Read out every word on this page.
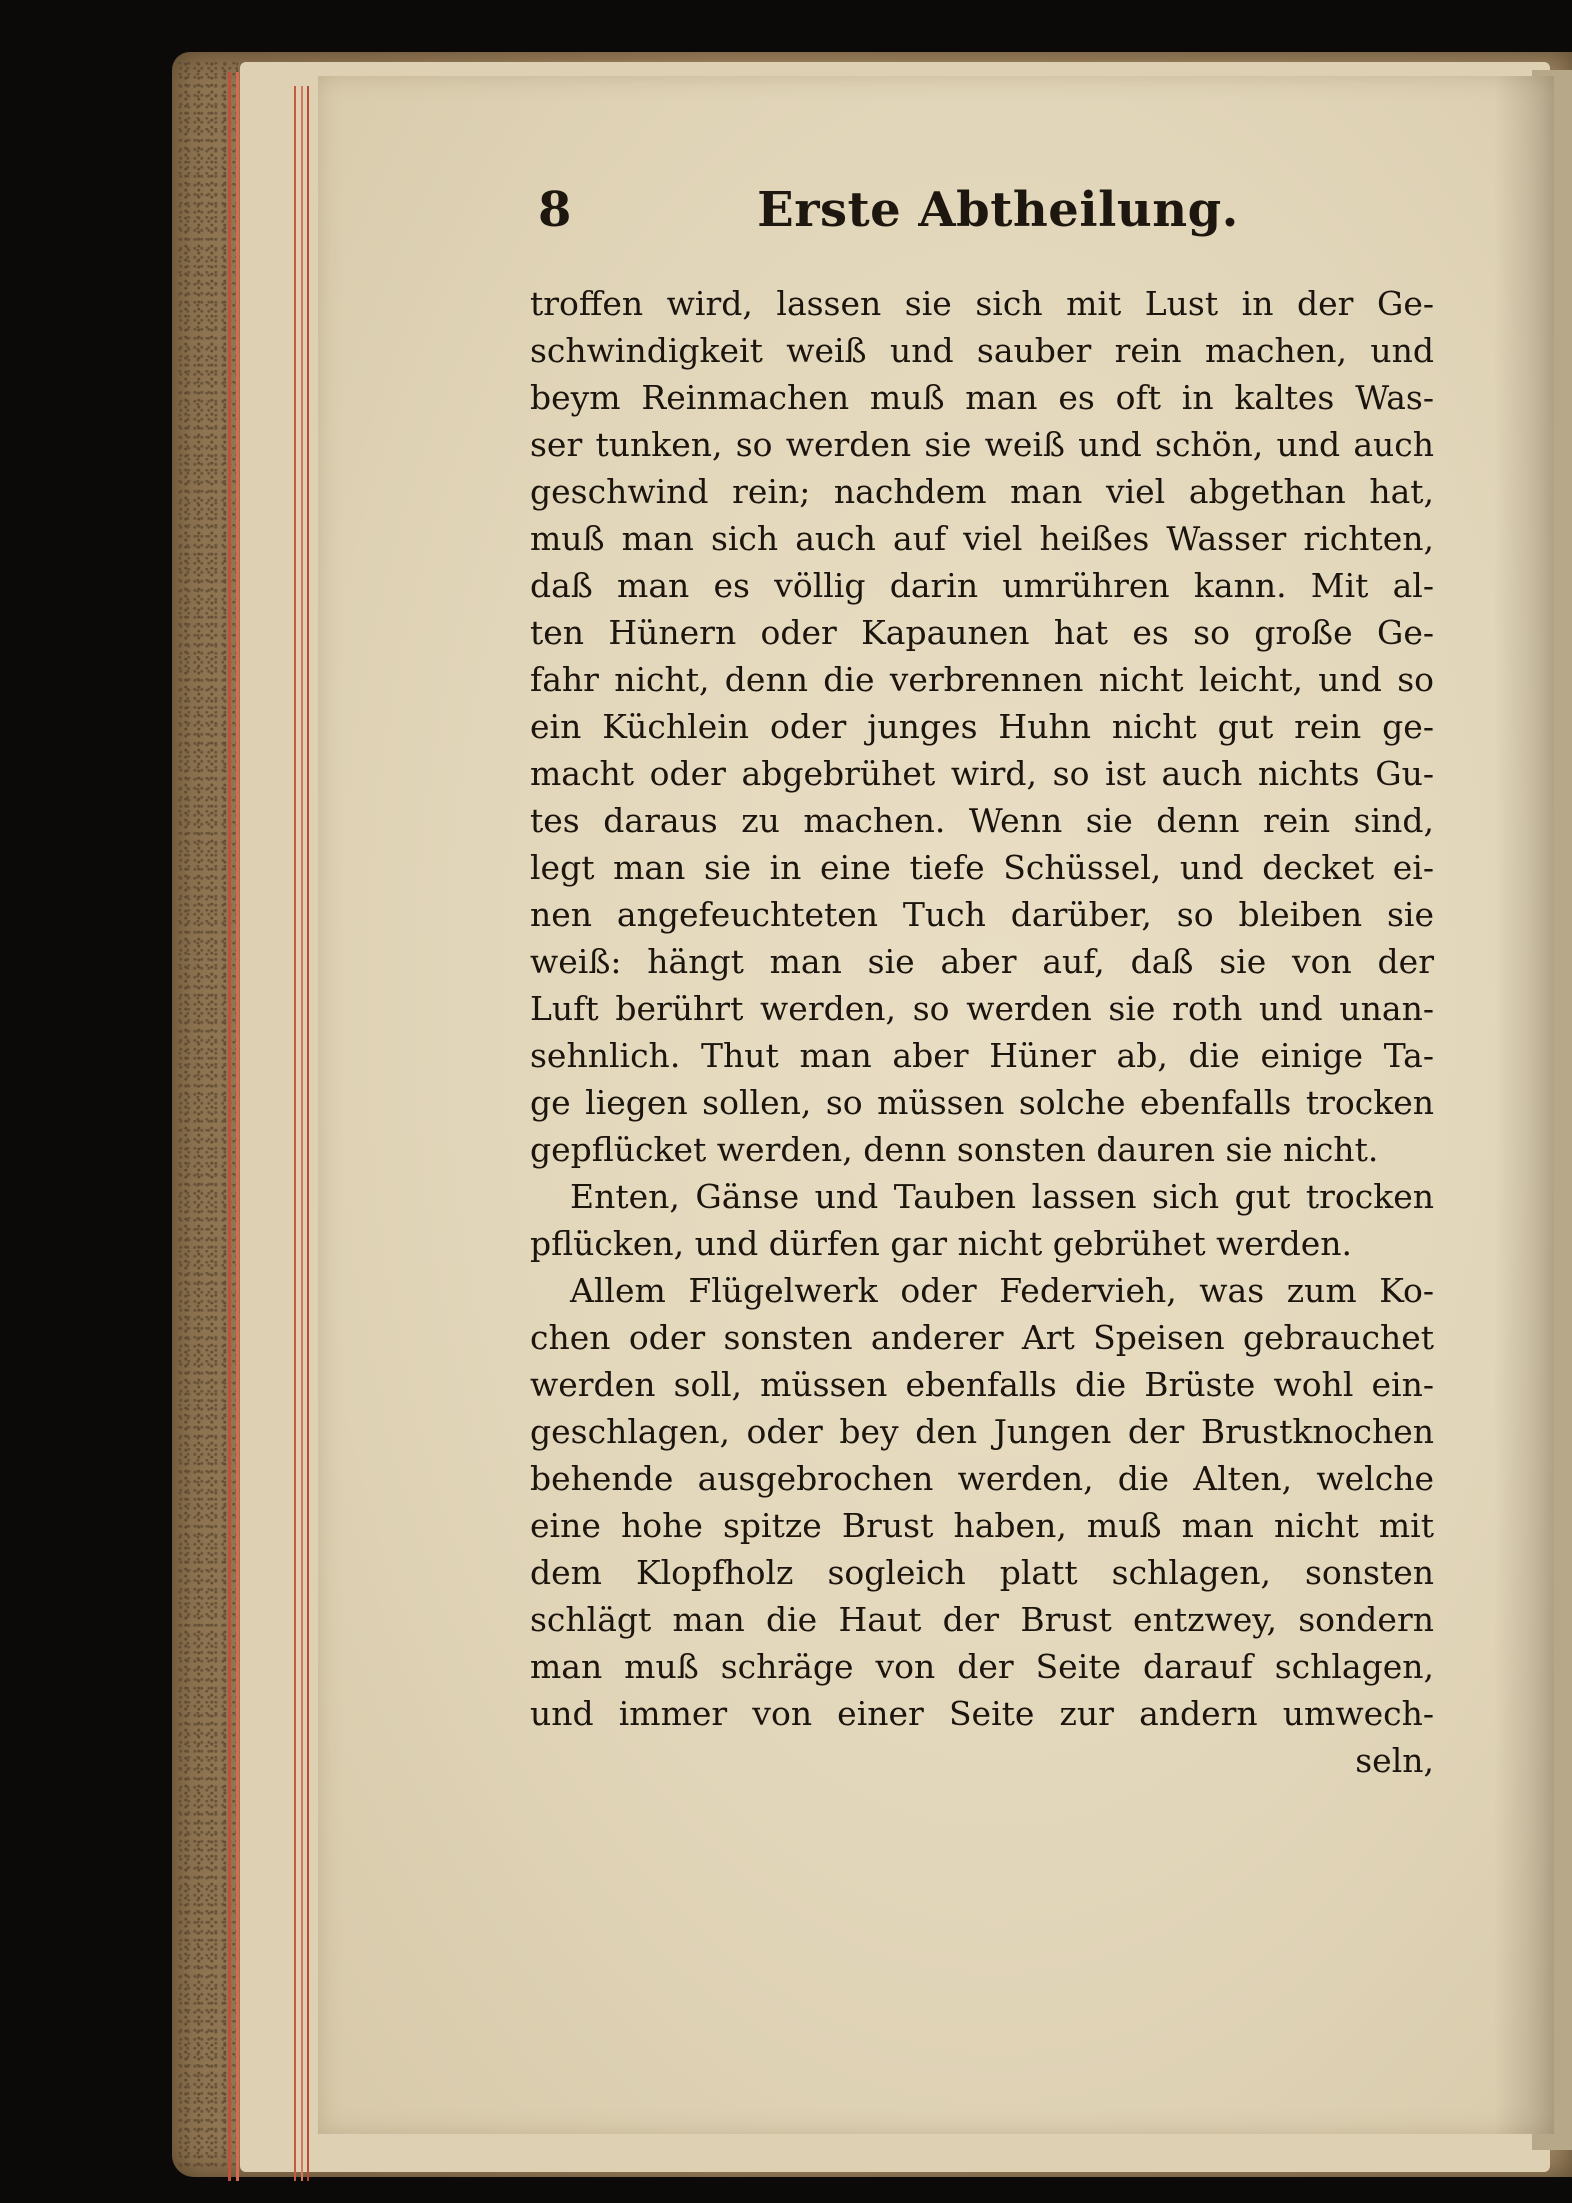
8	Erste Abtheilung.
troffen wird, lassen sie sich mit Lust in der Ge-
schwindigkeit weiß und sauber rein machen, und
beym Reinmachen muß man es oft in kaltes Was-
ser tunken, so werden sie weiß und schön, und auch
geschwind rein; nachdem man viel abgethan hat,
muß man sich auch auf viel heißes Wasser richten,
daß man es völlig darin umrühren kann. Mit al-
ten Hünern oder Kapaunen hat es so große Ge-
fahr nicht, denn die verbrennen nicht leicht, und so
ein Küchlein oder junges Huhn nicht gut rein ge-
macht oder abgebrühet wird, so ist auch nichts Gu-
tes daraus zu machen. Wenn sie denn rein sind,
legt man sie in eine tiefe Schüssel, und decket ei-
nen angefeuchteten Tuch darüber, so bleiben sie
weiß: hängt man sie aber auf, daß sie von der
Luft berührt werden, so werden sie roth und unan-
sehnlich. Thut man aber Hüner ab, die einige Ta-
ge liegen sollen, so müssen solche ebenfalls trocken
gepflücket werden, denn sonsten dauren sie nicht.
Enten, Gänse und Tauben lassen sich gut trocken
pflücken, und dürfen gar nicht gebrühet werden.
Allem Flügelwerk oder Federvieh, was zum Ko-
chen oder sonsten anderer Art Speisen gebrauchet
werden soll, müssen ebenfalls die Brüste wohl ein-
geschlagen, oder bey den Jungen der Brustknochen
behende ausgebrochen werden, die Alten, welche
eine hohe spitze Brust haben, muß man nicht mit
dem Klopfholz sogleich platt schlagen, sonsten
schlägt man die Haut der Brust entzwey, sondern
man muß schräge von der Seite darauf schlagen,
und immer von einer Seite zur andern umwech-
seln,
